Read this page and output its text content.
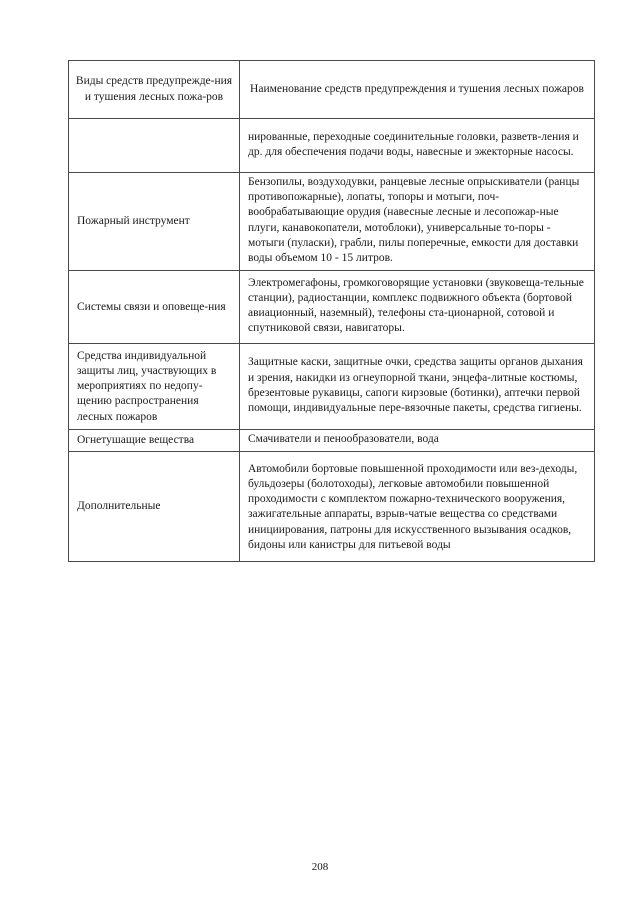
Виды средств предупрежде-ния и тушения лесных пожа-ров	Наименование средств предупреждения и тушения лесных пожаров
	нированные, переходные соединительные головки, разветв-ления и др. для обеспечения подачи воды, навесные и эжекторные насосы.
Пожарный инструмент	Бензопилы, воздуходувки, ранцевые лесные опрыскиватели (ранцы противопожарные), лопаты, топоры и мотыги, поч-вообрабатывающие орудия (навесные лесные и лесопожар-ные плуги, канавокопатели, мотоблоки), универсальные то-поры - мотыги (пуласки), грабли, пилы поперечные, емкости для доставки воды объемом 10 - 15 литров.
Системы связи и оповеще-ния	Электромегафоны, громкоговорящие установки (звуковеща-тельные станции), радиостанции, комплекс подвижного объекта (бортовой авиационный, наземный), телефоны ста-ционарной, сотовой и спутниковой связи, навигаторы.
Средства индивидуальной защиты лиц, участвующих в мероприятиях по недопу-щению распространения лесных пожаров	Защитные каски, защитные очки, средства защиты органов дыхания и зрения, накидки из огнеупорной ткани, энцефа-литные костюмы, брезентовые рукавицы, сапоги кирзовые (ботинки), аптечки первой помощи, индивидуальные пере-вязочные пакеты, средства гигиены.
Огнетушащие вещества	Смачиватели и пенообразователи, вода
Дополнительные	Автомобили бортовые повышенной проходимости или вез-деходы, бульдозеры (болотоходы), легковые автомобили повышенной проходимости с комплектом пожарно-технического вооружения, зажигательные аппараты, взрыв-чатые вещества со средствами инициирования, патроны для искусственного вызывания осадков, бидоны или канистры для питьевой воды
208
